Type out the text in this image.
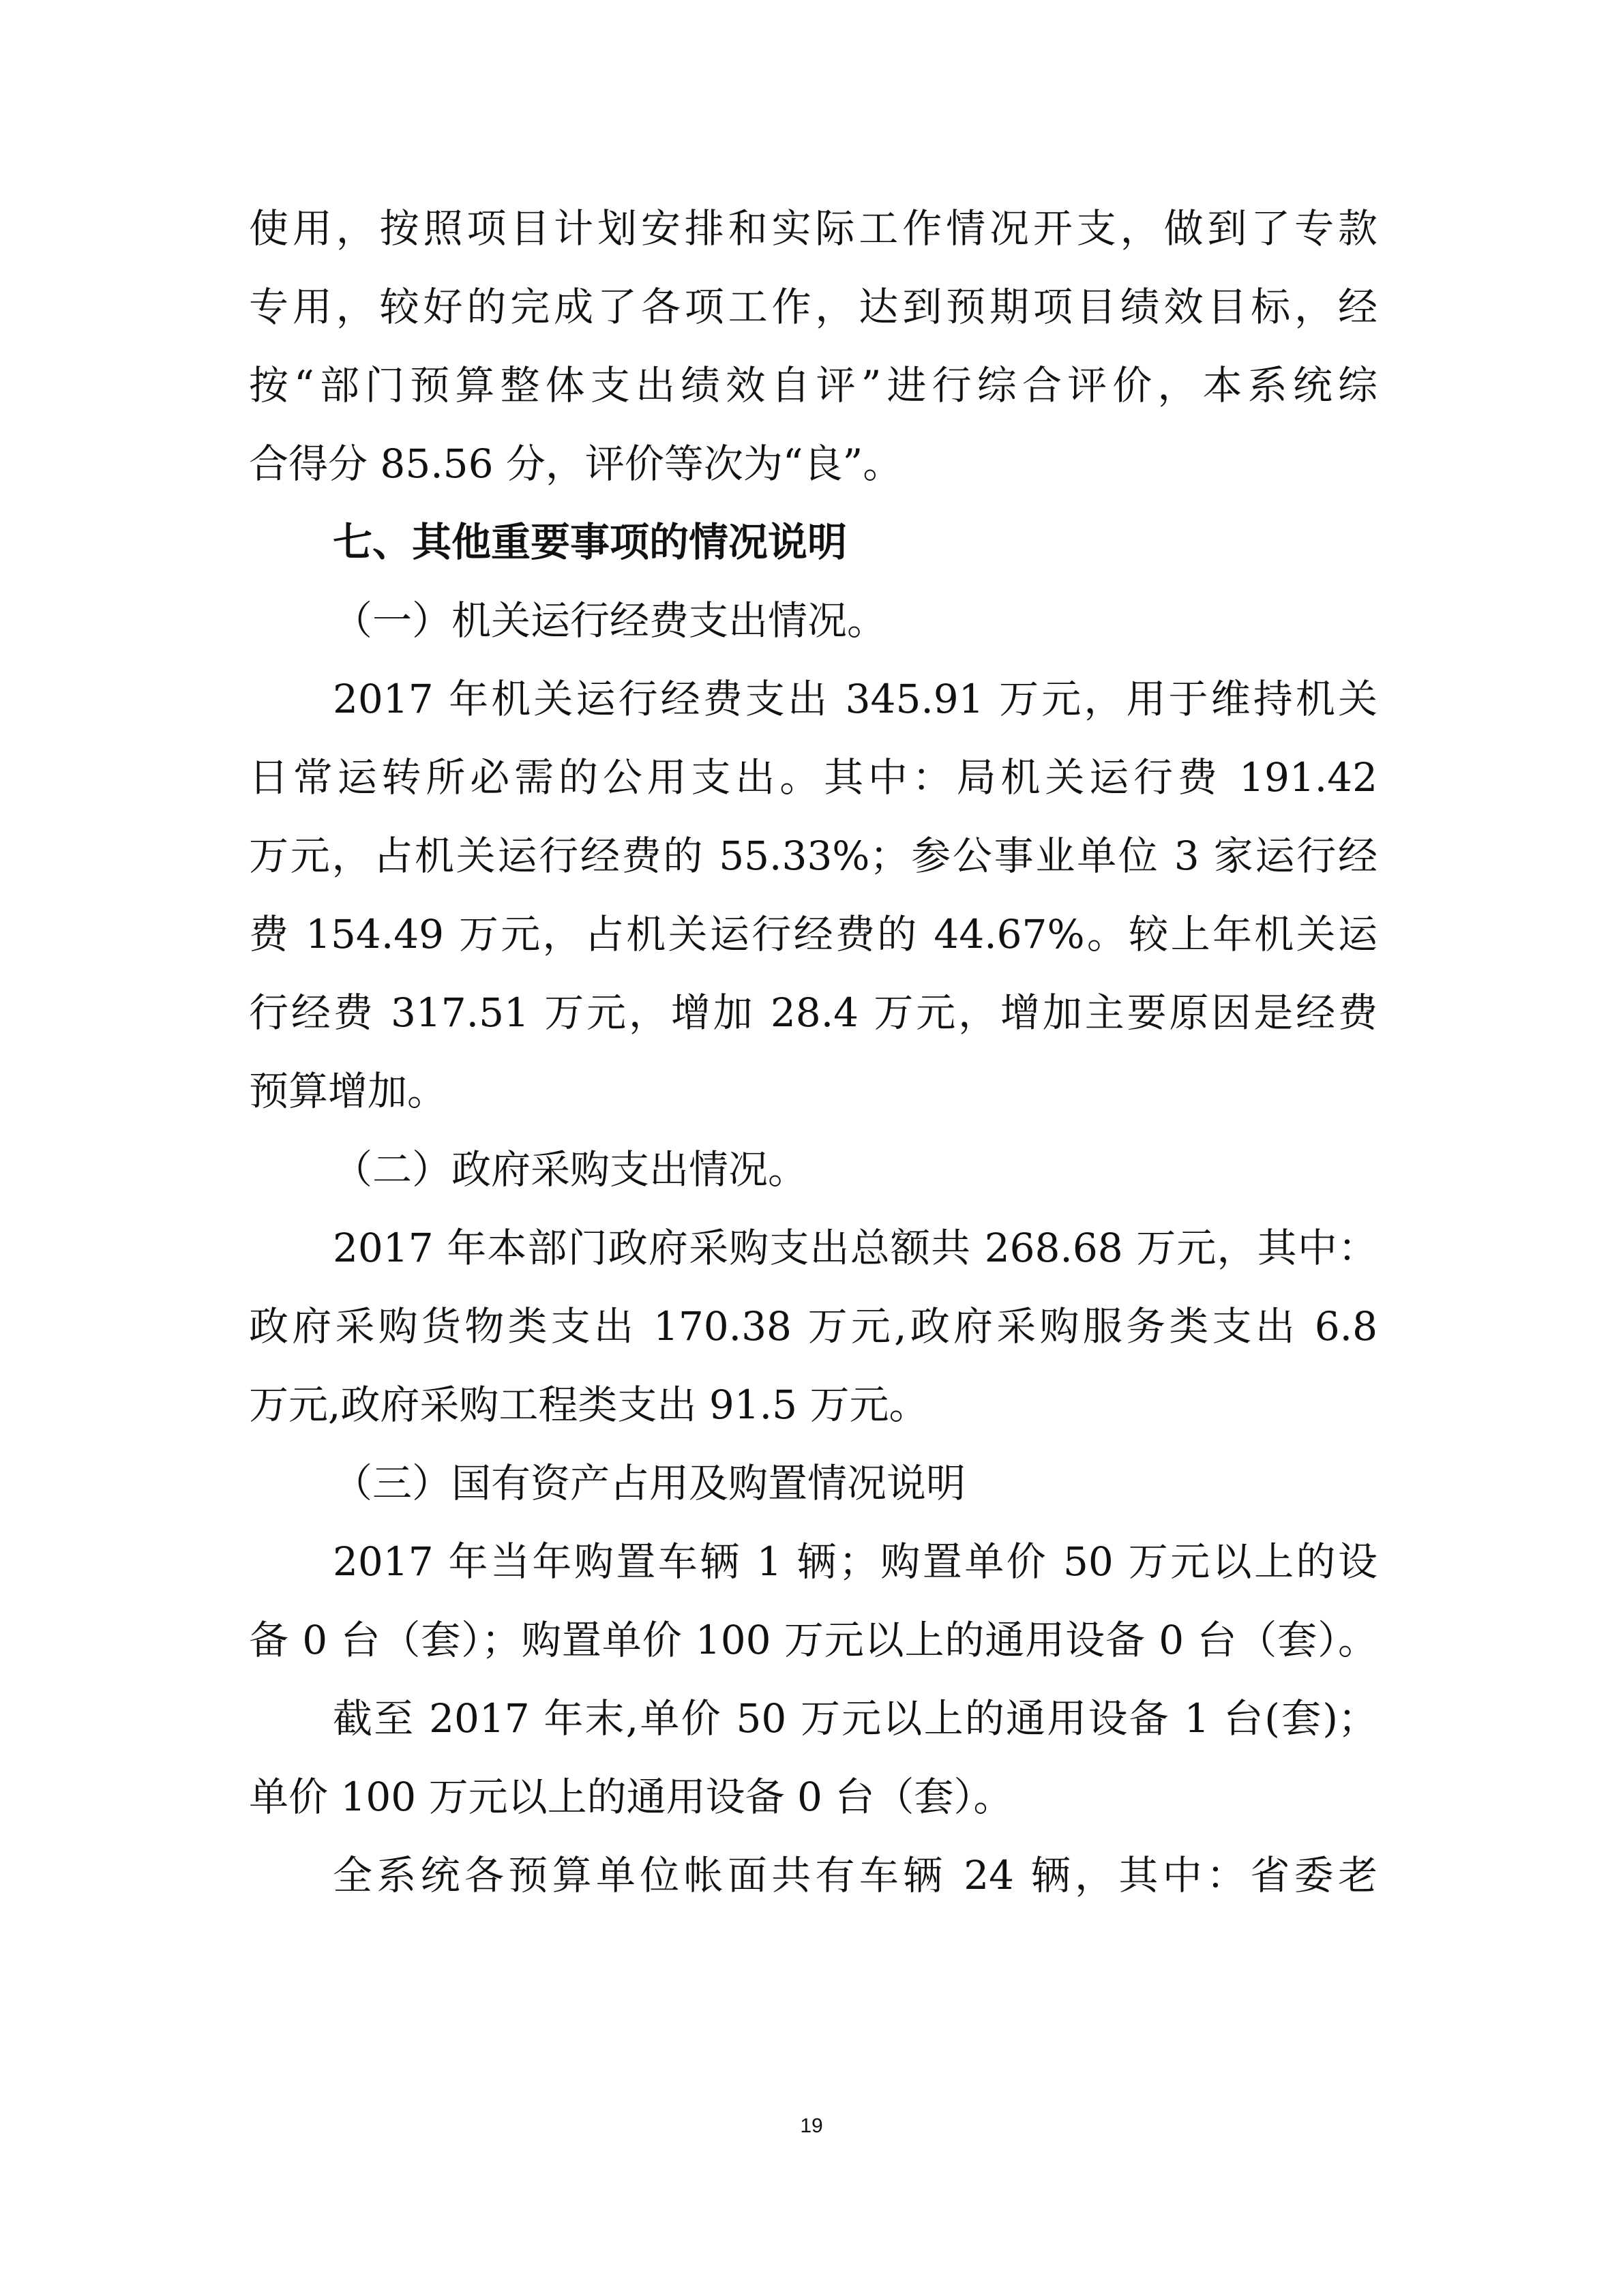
使用，按照项目计划安排和实际工作情况开支，做到了专款
专用，较好的完成了各项工作，达到预期项目绩效目标，经
按“部门预算整体支出绩效自评”进行综合评价，本系统综
合得分 85.56 分，评价等次为“良”。
七、其他重要事项的情况说明
（一）机关运行经费支出情况。
2017 年机关运行经费支出 345.91 万元，用于维持机关
日常运转所必需的公用支出。其中：局机关运行费 191.42
万元，占机关运行经费的 55.33%；参公事业单位 3 家运行经
费 154.49 万元，占机关运行经费的 44.67%。较上年机关运
行经费 317.51 万元，增加 28.4 万元，增加主要原因是经费
预算增加。
（二）政府采购支出情况。
2017 年本部门政府采购支出总额共 268.68 万元，其中：
政府采购货物类支出 170.38 万元,政府采购服务类支出 6.8
万元,政府采购工程类支出 91.5 万元。
（三）国有资产占用及购置情况说明
2017 年当年购置车辆 1 辆；购置单价 50 万元以上的设
备 0 台（套）；购置单价 100 万元以上的通用设备 0 台（套）。
截至 2017 年末,单价 50 万元以上的通用设备 1 台(套)；
单价 100 万元以上的通用设备 0 台（套）。
全系统各预算单位帐面共有车辆 24 辆，其中：省委老
19
